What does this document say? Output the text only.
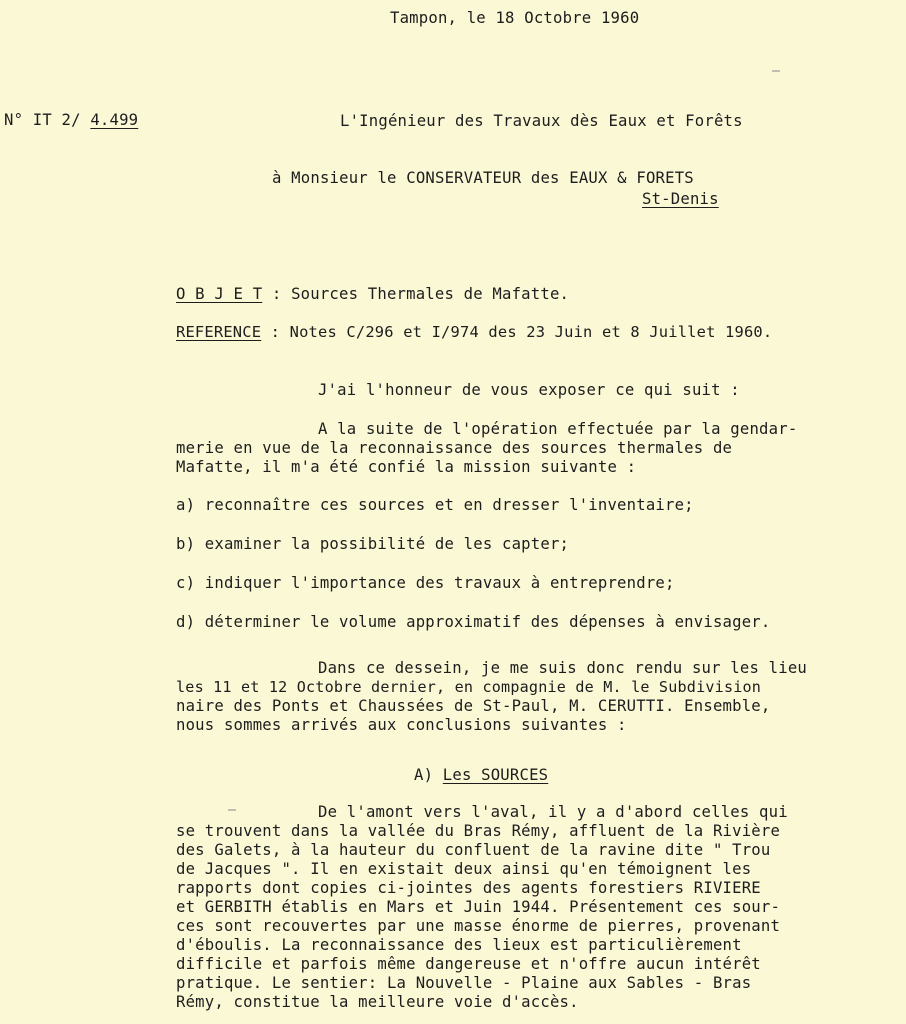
Tampon, le 18 Octobre 1960
N° IT 2/ 4.499	L'Ingénieur des Travaux dès Eaux et Forêts
à Monsieur le CONSERVATEUR des EAUX & FORETS
St-Denis
O B J E T : Sources Thermales de Mafatte.
REFERENCE : Notes C/296 et I/974 des 23 Juin et 8 Juillet 1960.
J'ai l'honneur de vous exposer ce qui suit :
A la suite de l'opération effectuée par la gendar-
merie en vue de la reconnaissance des sources thermales de
Mafatte, il m'a été confié la mission suivante :
a) reconnaître ces sources et en dresser l'inventaire;
b) examiner la possibilité de les capter;
c) indiquer l'importance des travaux à entreprendre;
d) déterminer le volume approximatif des dépenses à envisager.
Dans ce dessein, je me suis donc rendu sur les lieu
les 11 et 12 Octobre dernier, en compagnie de M. le Subdivision
naire des Ponts et Chaussées de St-Paul, M. CERUTTI. Ensemble,
nous sommes arrivés aux conclusions suivantes :
A) Les SOURCES
De l'amont vers l'aval, il y a d'abord celles qui
se trouvent dans la vallée du Bras Rémy, affluent de la Rivière
des Galets, à la hauteur du confluent de la ravine dite " Trou
de Jacques ". Il en existait deux ainsi qu'en témoignent les
rapports dont copies ci-jointes des agents forestiers RIVIERE
et GERBITH établis en Mars et Juin 1944. Présentement ces sour-
ces sont recouvertes par une masse énorme de pierres, provenant
d'éboulis. La reconnaissance des lieux est particulièrement
difficile et parfois même dangereuse et n'offre aucun intérêt
pratique. Le sentier: La Nouvelle - Plaine aux Sables - Bras
Rémy, constitue la meilleure voie d'accès.
